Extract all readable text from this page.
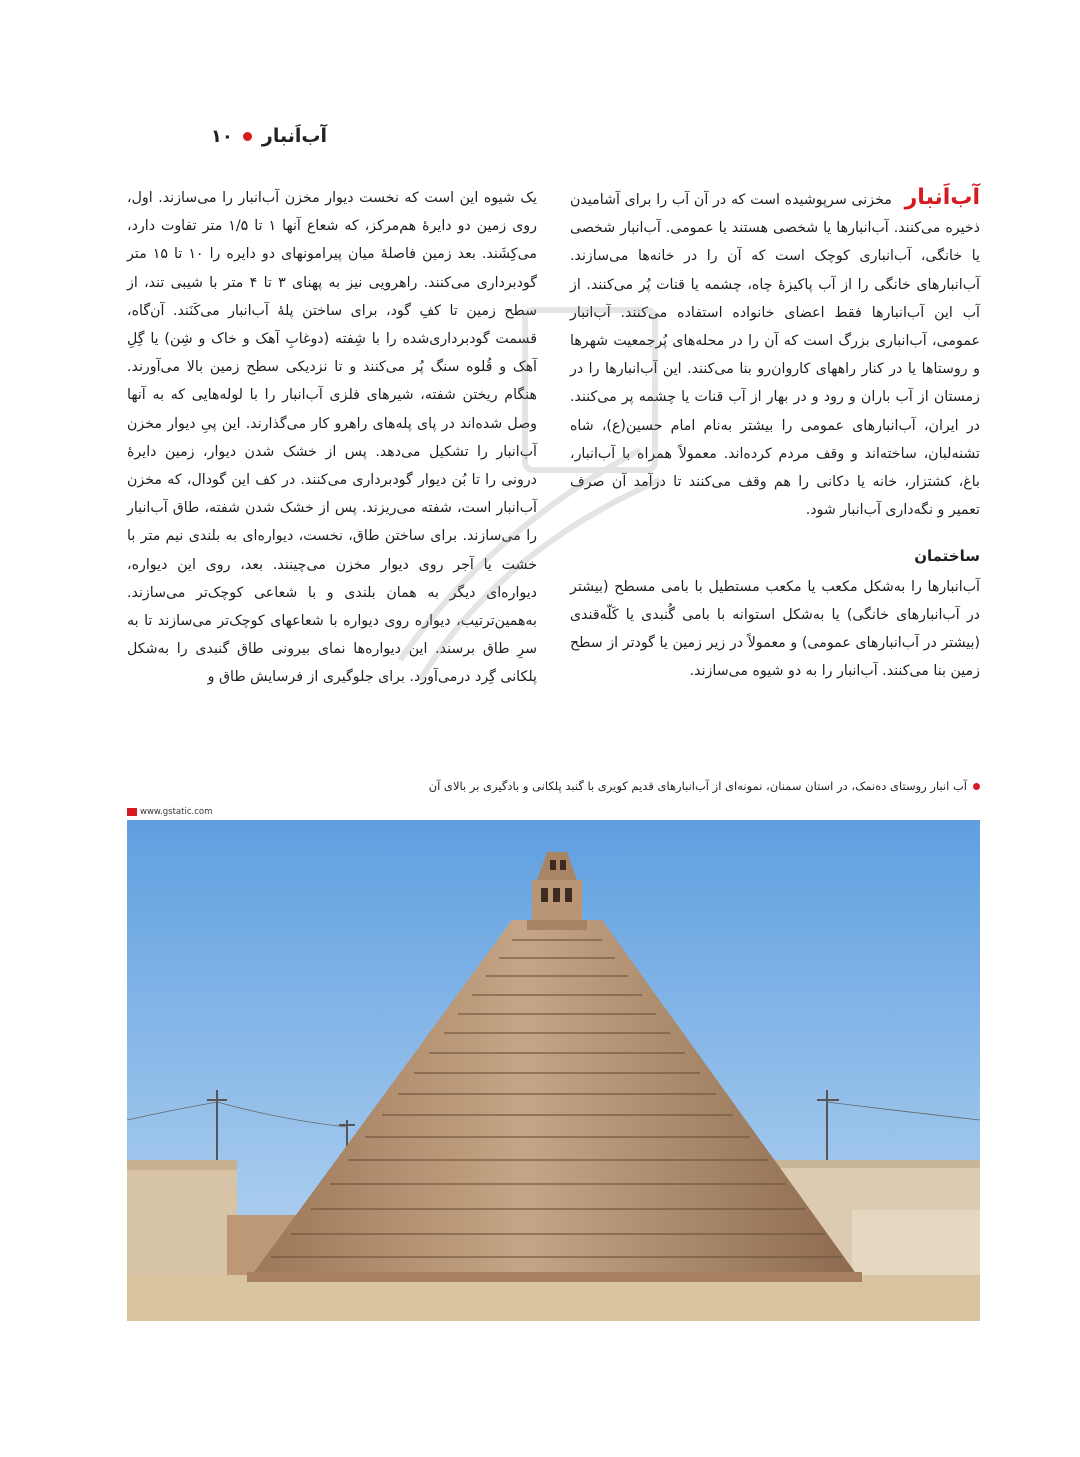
آب‌اَنبار
۱۰

آب‌اَنبار مخزنی سرپوشیده است که در آن آب را برای آشامیدن ذخیره می‌کنند. آب‌انبارها یا شخصی هستند یا عمومی. آب‌انبار شخصی یا خانگی، آب‌انباری کوچک است که آن را در خانه‌ها می‌سازند. آب‌انبارهای خانگی را از آب پاکیزهٔ چاه، چشمه یا قنات پُر می‌کنند. از آب این آب‌انبارها فقط اعضای خانواده استفاده می‌کنند. آب‌انبار عمومی، آب‌انباری بزرگ است که آن را در محله‌های پُرجمعیت شهرها و روستاها یا در کنار راههای کاروان‌رو بنا می‌کنند. این آب‌انبارها را در زمستان از آب باران و رود و در بهار از آب قنات یا چشمه پر می‌کنند. در ایران، آب‌انبارهای عمومی را بیشتر به‌نام امام حسین(ع)، شاه تشنه‌لبان، ساخته‌اند و وقف مردم کرده‌اند. معمولاً همراه با آب‌انبار، باغ، کشتزار، خانه یا دکانی را هم وقف می‌کنند تا درآمد آن صرف تعمیر و نگه‌داری آب‌انبار شود.

ساختمان

آب‌انبارها را به‌شکل مکعب یا مکعب مستطیل با بامی مسطح (بیشتر در آب‌انبارهای خانگی) یا به‌شکل استوانه با بامی گُنبدی یا کَلّه‌قندی (بیشتر در آب‌انبارهای عمومی) و معمولاً در زیر زمین یا گودتر از سطح زمین بنا می‌کنند. آب‌انبار را به دو شیوه می‌سازند.

یک شیوه این است که نخست دیوار مخزن آب‌انبار را می‌سازند. اول، روی زمین دو دایرهٔ هم‌مرکز، که شعاع آنها ۱ تا ۱/۵ متر تفاوت دارد، می‌کِشَند. بعد زمین فاصلهٔ میان پیرامونهای دو دایره را ۱۰ تا ۱۵ متر گودبرداری می‌کنند. راهرویی نیز به پهنای ۳ تا ۴ متر با شیبی تند، از سطح زمین تا کفِ گود، برای ساختن پلهٔ آب‌انبار می‌کَنَند. آن‌گاه، قسمت گودبرداری‌شده را با شِفته (دوغابِ آهک و خاک و شِن) یا گِلِ آهک و قُلوه سنگ پُر می‌کنند و تا نزدیکی سطح زمین بالا می‌آورند. هنگام ریختن شفته، شیرهای فلزی آب‌انبار را با لوله‌هایی که به آنها وصل شده‌اند در پای پله‌های راهرو کار می‌گذارند. این پیِ دیوار مخزن آب‌انبار را تشکیل می‌دهد. پس از خشک شدن دیوار، زمین دایرهٔ درونی را تا بُن دیوار گودبرداری می‌کنند. در کف این گودال، که مخزن آب‌انبار است، شفته می‌ریزند. پس از خشک شدن شفته، طاق آب‌انبار را می‌سازند. برای ساختن طاق، نخست، دیواره‌ای به بلندی نیم متر با خشت یا آجر روی دیوار مخزن می‌چینند. بعد، روی این دیواره، دیواره‌ای دیگر به همان بلندی و با شعاعی کوچک‌تر می‌سازند. به‌همین‌ترتیب، دیواره روی دیواره با شعاعهای کوچک‌تر می‌سازند تا به سرِ طاق برسند. این دیواره‌ها نمای بیرونی طاق گنبدی را به‌شکل پلکانی گِرد درمی‌آورد. برای جلوگیری از فرسایش طاق و

آب انبار روستای ده‌نمک، در استان سمنان، نمونه‌ای از آب‌انبارهای قدیم کویری با گنبد پلکانی و بادگیری بر بالای آن
www.gstatic.com
